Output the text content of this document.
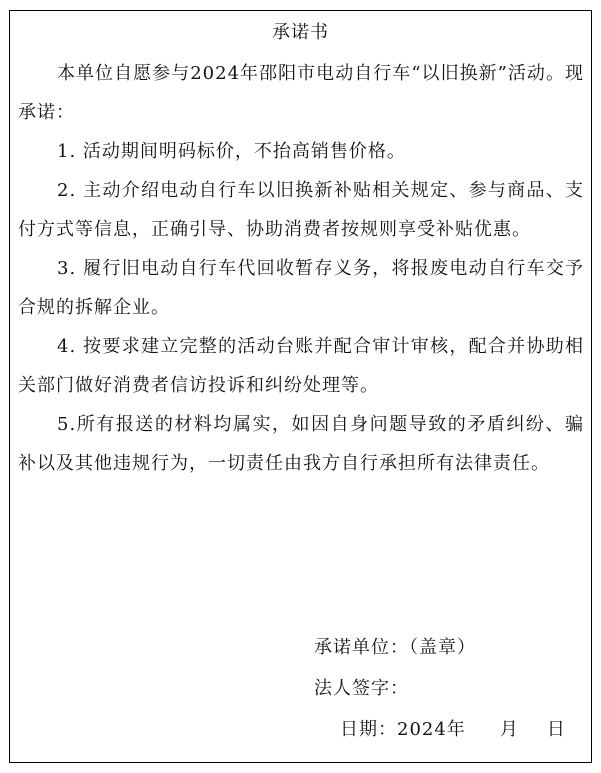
承诺书

本单位自愿参与2024年邵阳市电动自行车“以旧换新”活动。现承诺：

1. 活动期间明码标价，不抬高销售价格。

2. 主动介绍电动自行车以旧换新补贴相关规定、参与商品、支付方式等信息，正确引导、协助消费者按规则享受补贴优惠。

3. 履行旧电动自行车代回收暂存义务，将报废电动自行车交予合规的拆解企业。

4. 按要求建立完整的活动台账并配合审计审核，配合并协助相关部门做好消费者信访投诉和纠纷处理等。

5.所有报送的材料均属实，如因自身问题导致的矛盾纠纷、骗补以及其他违规行为，一切责任由我方自行承担所有法律责任。

承诺单位：（盖章）
法人签字：
日期：2024年 月 日
